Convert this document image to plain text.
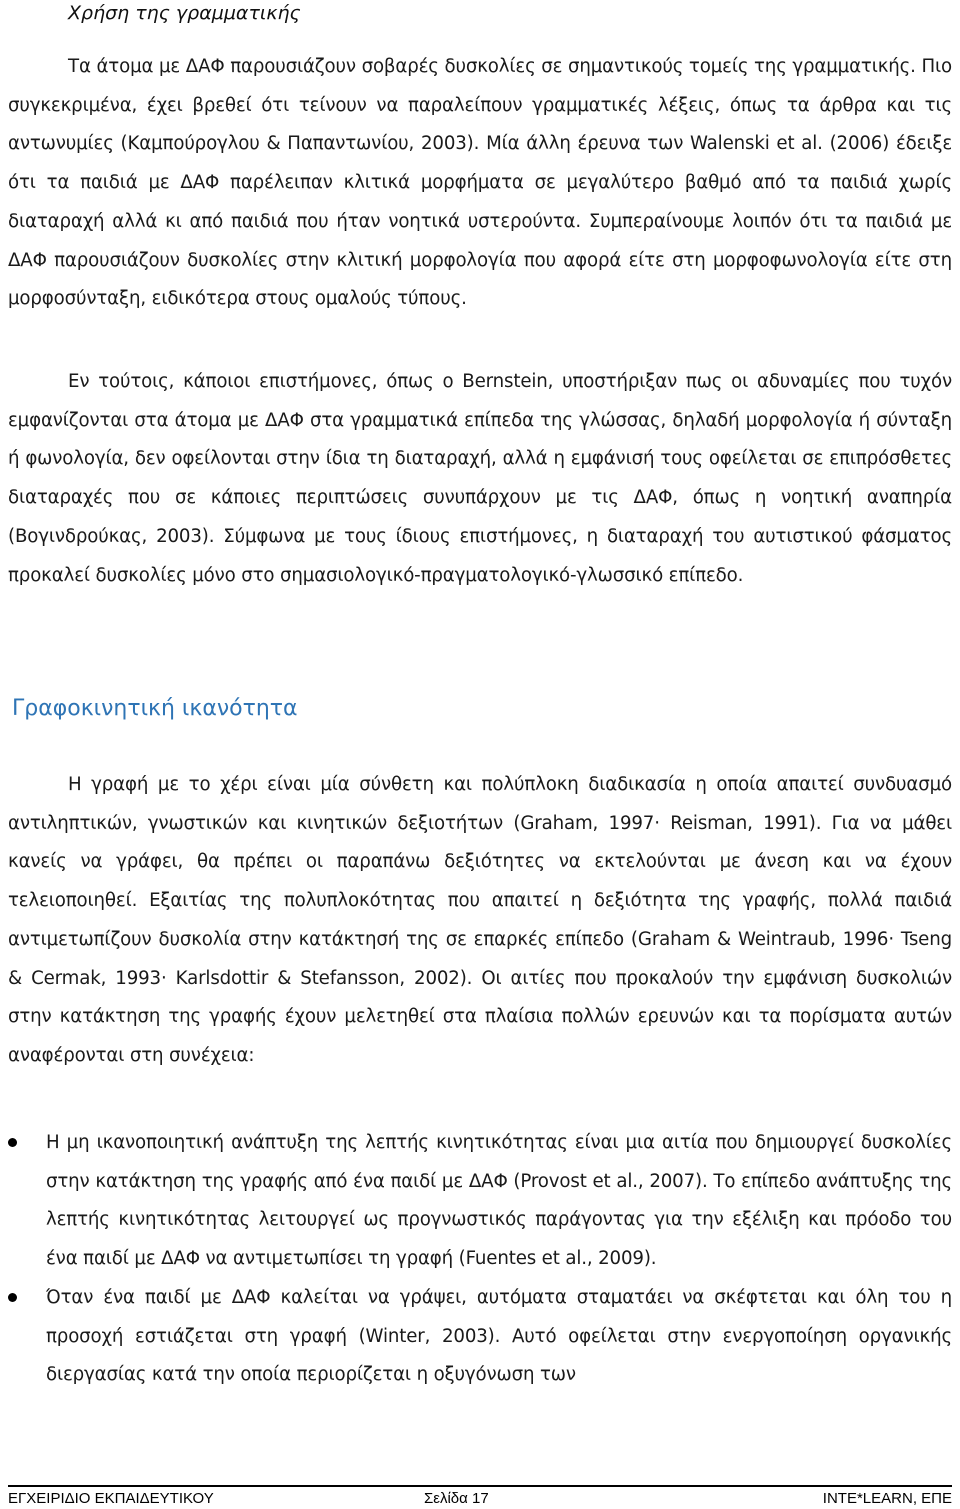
Χρήση της γραμματικής

Τα άτομα με ΔΑΦ παρουσιάζουν σοβαρές δυσκολίες σε σημαντικούς τομείς της γραμματικής. Πιο συγκεκριμένα, έχει βρεθεί ότι τείνουν να παραλείπουν γραμματικές λέξεις, όπως τα άρθρα και τις αντωνυμίες (Καμπούρογλου & Παπαντωνίου, 2003). Μία άλλη έρευνα των Walenski et al. (2006) έδειξε ότι τα παιδιά με ΔΑΦ παρέλειπαν κλιτικά μορφήματα σε μεγαλύτερο βαθμό από τα παιδιά χωρίς διαταραχή αλλά κι από παιδιά που ήταν νοητικά υστερούντα. Συμπεραίνουμε λοιπόν ότι τα παιδιά με ΔΑΦ παρουσιάζουν δυσκολίες στην κλιτική μορφολογία που αφορά είτε στη μορφοφωνολογία είτε στη μορφοσύνταξη, ειδικότερα στους ομαλούς τύπους.

Εν τούτοις, κάποιοι επιστήμονες, όπως ο Bernstein, υποστήριξαν πως οι αδυναμίες που τυχόν εμφανίζονται στα άτομα με ΔΑΦ στα γραμματικά επίπεδα της γλώσσας, δηλαδή μορφολογία ή σύνταξη ή φωνολογία, δεν οφείλονται στην ίδια τη διαταραχή, αλλά η εμφάνισή τους οφείλεται σε επιπρόσθετες διαταραχές που σε κάποιες περιπτώσεις συνυπάρχουν με τις ΔΑΦ, όπως η νοητική αναπηρία (Βογινδρούκας, 2003). Σύμφωνα με τους ίδιους επιστήμονες, η διαταραχή του αυτιστικού φάσματος προκαλεί δυσκολίες μόνο στο σημασιολογικό-πραγματολογικό-γλωσσικό επίπεδο.

Γραφοκινητική ικανότητα

Η γραφή με το χέρι είναι μία σύνθετη και πολύπλοκη διαδικασία η οποία απαιτεί συνδυασμό αντιληπτικών, γνωστικών και κινητικών δεξιοτήτων (Graham, 1997· Reisman, 1991). Για να μάθει κανείς να γράφει, θα πρέπει οι παραπάνω δεξιότητες να εκτελούνται με άνεση και να έχουν τελειοποιηθεί. Εξαιτίας της πολυπλοκότητας που απαιτεί η δεξιότητα της γραφής, πολλά παιδιά αντιμετωπίζουν δυσκολία στην κατάκτησή της σε επαρκές επίπεδο (Graham & Weintraub, 1996· Tseng & Cermak, 1993· Karlsdottir & Stefansson, 2002). Οι αιτίες που προκαλούν την εμφάνιση δυσκολιών στην κατάκτηση της γραφής έχουν μελετηθεί στα πλαίσια πολλών ερευνών και τα πορίσματα αυτών αναφέρονται στη συνέχεια:

Η μη ικανοποιητική ανάπτυξη της λεπτής κινητικότητας είναι μια αιτία που δημιουργεί δυσκολίες στην κατάκτηση της γραφής από ένα παιδί με ΔΑΦ (Provost et al., 2007). Το επίπεδο ανάπτυξης της λεπτής κινητικότητας λειτουργεί ως προγνωστικός παράγοντας για την εξέλιξη και πρόοδο του ένα παιδί με ΔΑΦ να αντιμετωπίσει τη γραφή (Fuentes et al., 2009).
Όταν ένα παιδί με ΔΑΦ καλείται να γράψει, αυτόματα σταματάει να σκέφτεται και όλη του η προσοχή εστιάζεται στη γραφή (Winter, 2003). Αυτό οφείλεται στην ενεργοποίηση οργανικής διεργασίας κατά την οποία περιορίζεται η οξυγόνωση των
ΕΓΧΕΙΡΙΔΙΟ ΕΚΠΑΙΔΕΥΤΙΚΟΥ	Σελίδα 17	INTE*LEARN, ΕΠΕ
